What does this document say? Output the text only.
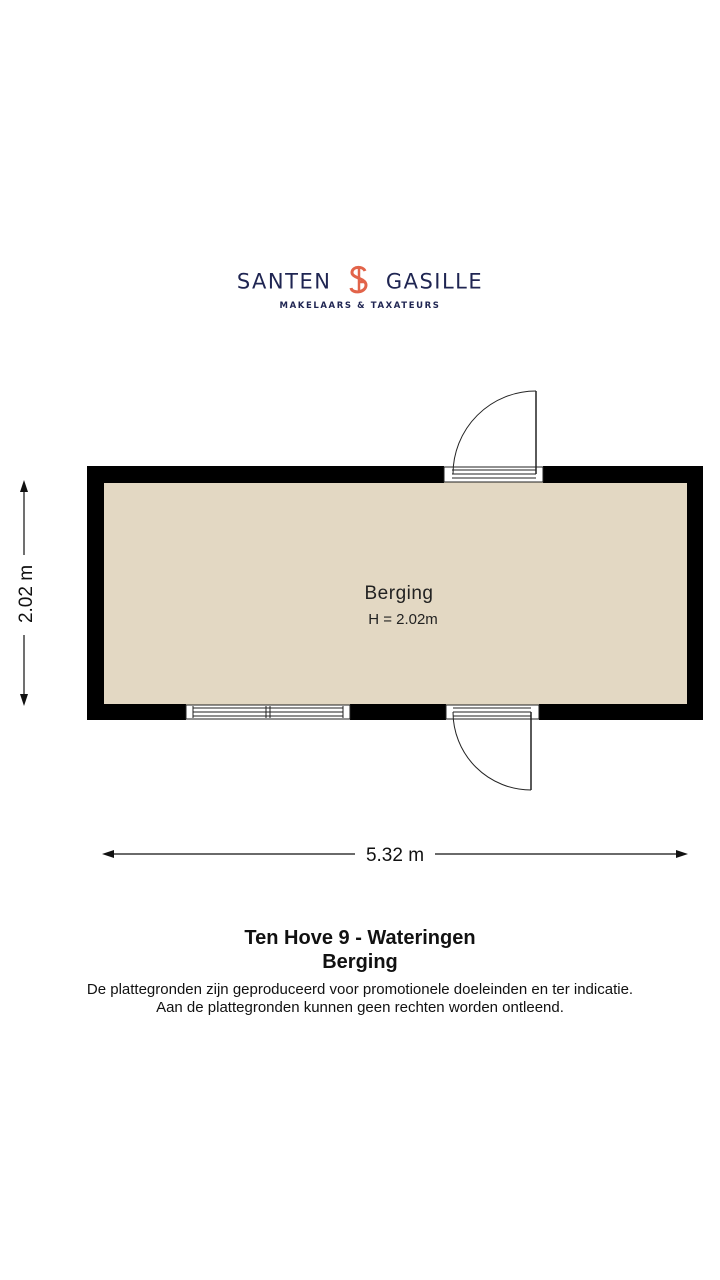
SANTEN	GASILLE
MAKELAARS & TAXATEURS
Berging
H = 2.02m
2.02 m
5.32 m
Ten Hove 9 - Wateringen
Berging
De plattegronden zijn geproduceerd voor promotionele doeleinden en ter indicatie.
Aan de plattegronden kunnen geen rechten worden ontleend.
